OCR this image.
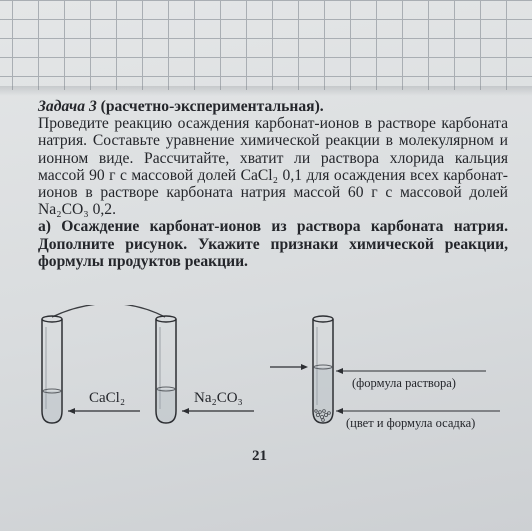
Задача 3 (расчетно-экспериментальная).

Проведите реакцию осаждения карбонат-ионов в растворе карбоната натрия. Составьте уравнение химической реакции в молекулярном и ионном виде. Рассчитайте, хватит ли раствора хлорида кальция массой 90 г с массовой долей CaCl₂ 0,1 для осаждения всех карбонат-ионов в растворе карбоната натрия массой 60 г с массовой долей Na₂CO₃ 0,2.

а) Осаждение карбонат-ионов из раствора карбоната натрия. Дополните рисунок. Укажите признаки химической реакции, формулы продуктов реакции.

CaCl₂	Na₂CO₃
(формула раствора)
(цвет и формула осадка)
21
